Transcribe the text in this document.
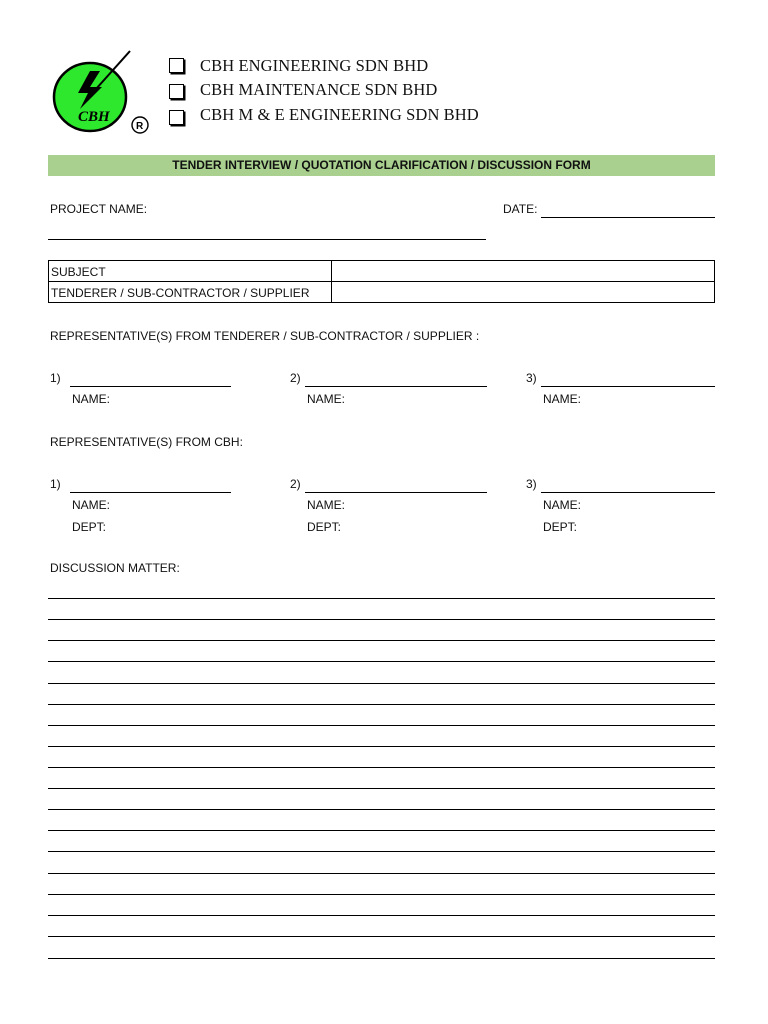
CBH
R
CBH ENGINEERING SDN BHD
CBH MAINTENANCE SDN BHD
CBH M & E ENGINEERING SDN BHD
TENDER INTERVIEW / QUOTATION CLARIFICATION / DISCUSSION FORM
PROJECT NAME:	DATE:
SUBJECT
TENDERER / SUB-CONTRACTOR / SUPPLIER
REPRESENTATIVE(S) FROM TENDERER / SUB-CONTRACTOR / SUPPLIER :
1)
NAME:
2)
NAME:
3)
NAME:
REPRESENTATIVE(S) FROM CBH:
1)
NAME:
DEPT:
2)
NAME:
DEPT:
3)
NAME:
DEPT:
DISCUSSION MATTER:
